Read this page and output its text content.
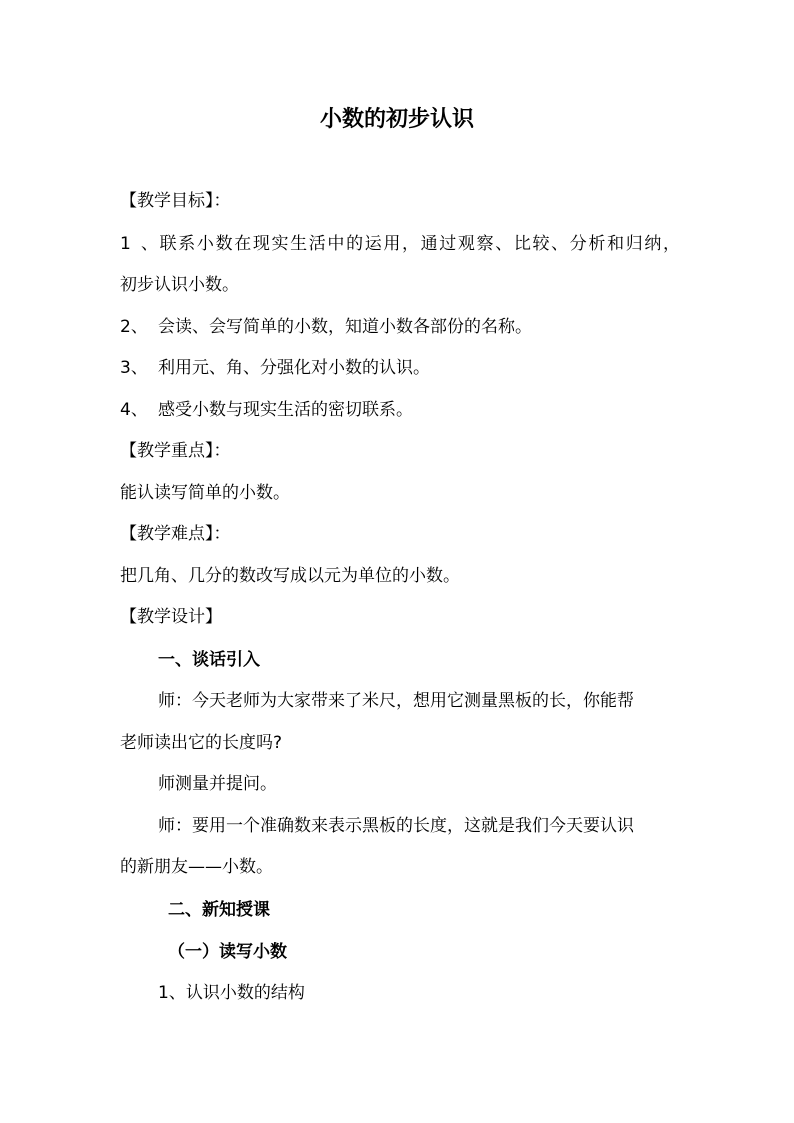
小数的初步认识

【教学目标】：

1、联系小数在现实生活中的运用，通过观察、比较、分析和归纳，

初步认识小数。

2、 会读、会写简单的小数，知道小数各部份的名称。

3、 利用元、角、分强化对小数的认识。

4、 感受小数与现实生活的密切联系。

【教学重点】：

能认读写简单的小数。

【教学难点】：

把几角、几分的数改写成以元为单位的小数。

【教学设计】

一、谈话引入

师：今天老师为大家带来了米尺，想用它测量黑板的长，你能帮

老师读出它的长度吗?

师测量并提问。

师：要用一个准确数来表示黑板的长度，这就是我们今天要认识

的新朋友——小数。

二、新知授课

（一）读写小数

1、认识小数的结构
